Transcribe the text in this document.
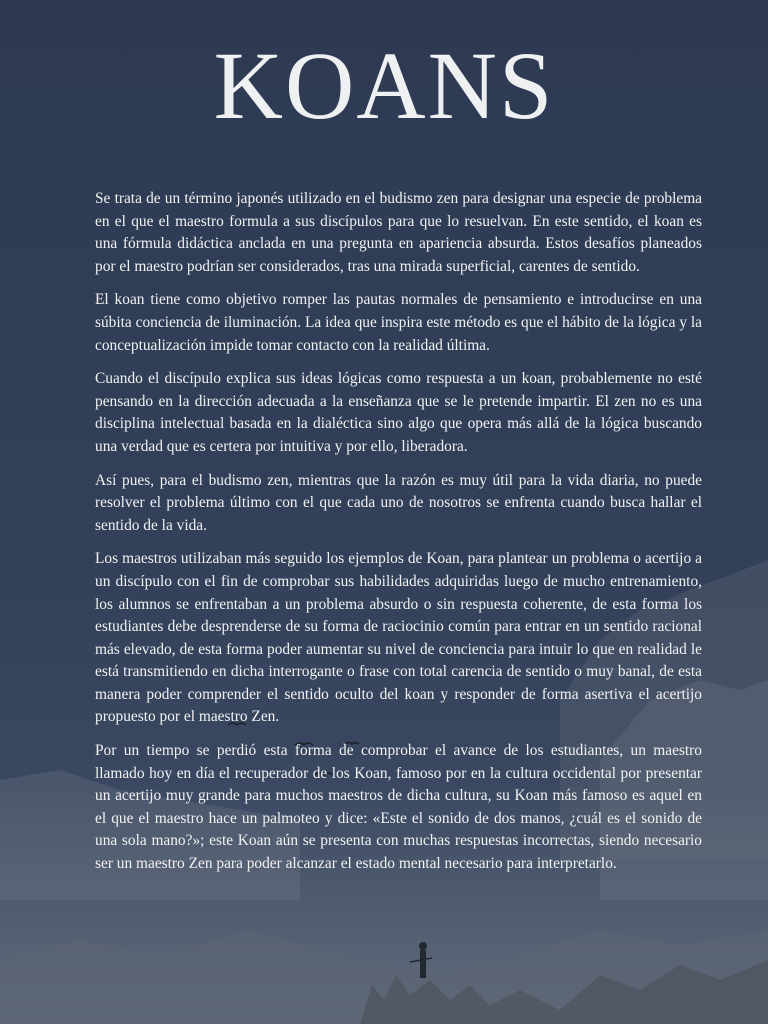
KOANS

Se trata de un término japonés utilizado en el budismo zen para designar una especie de problema en el que el maestro formula a sus discípulos para que lo resuelvan. En este sentido, el koan es una fórmula didáctica anclada en una pregunta en apariencia absurda. Estos desafíos planeados por el maestro podrían ser considerados, tras una mirada superficial, carentes de sentido.

El koan tiene como objetivo romper las pautas normales de pensamiento e introducirse en una súbita conciencia de iluminación. La idea que inspira este método es que el hábito de la lógica y la conceptualización impide tomar contacto con la realidad última.

Cuando el discípulo explica sus ideas lógicas como respuesta a un koan, probablemente no esté pensando en la dirección adecuada a la enseñanza que se le pretende impartir. El zen no es una disciplina intelectual basada en la dialéctica sino algo que opera más allá de la lógica buscando una verdad que es certera por intuitiva y por ello, liberadora.

Así pues, para el budismo zen, mientras que la razón es muy útil para la vida diaria, no puede resolver el problema último con el que cada uno de nosotros se enfrenta cuando busca hallar el sentido de la vida.

Los maestros utilizaban más seguido los ejemplos de Koan, para plantear un problema o acertijo a un discípulo con el fin de comprobar sus habilidades adquiridas luego de mucho entrenamiento, los alumnos se enfrentaban a un problema absurdo o sin respuesta coherente, de esta forma los estudiantes debe desprenderse de su forma de raciocinio común para entrar en un sentido racional más elevado, de esta forma poder aumentar su nivel de conciencia para intuir lo que en realidad le está transmitiendo en dicha interrogante o frase con total carencia de sentido o muy banal, de esta manera poder comprender el sentido oculto del koan y responder de forma asertiva el acertijo propuesto por el maestro Zen.

Por un tiempo se perdió esta forma de comprobar el avance de los estudiantes, un maestro llamado hoy en día el recuperador de los Koan, famoso por en la cultura occidental por presentar un acertijo muy grande para muchos maestros de dicha cultura, su Koan más famoso es aquel en el que el maestro hace un palmoteo y dice: «Este el sonido de dos manos, ¿cuál es el sonido de una sola mano?»; este Koan aún se presenta con muchas respuestas incorrectas, siendo necesario ser un maestro Zen para poder alcanzar el estado mental necesario para interpretarlo.
